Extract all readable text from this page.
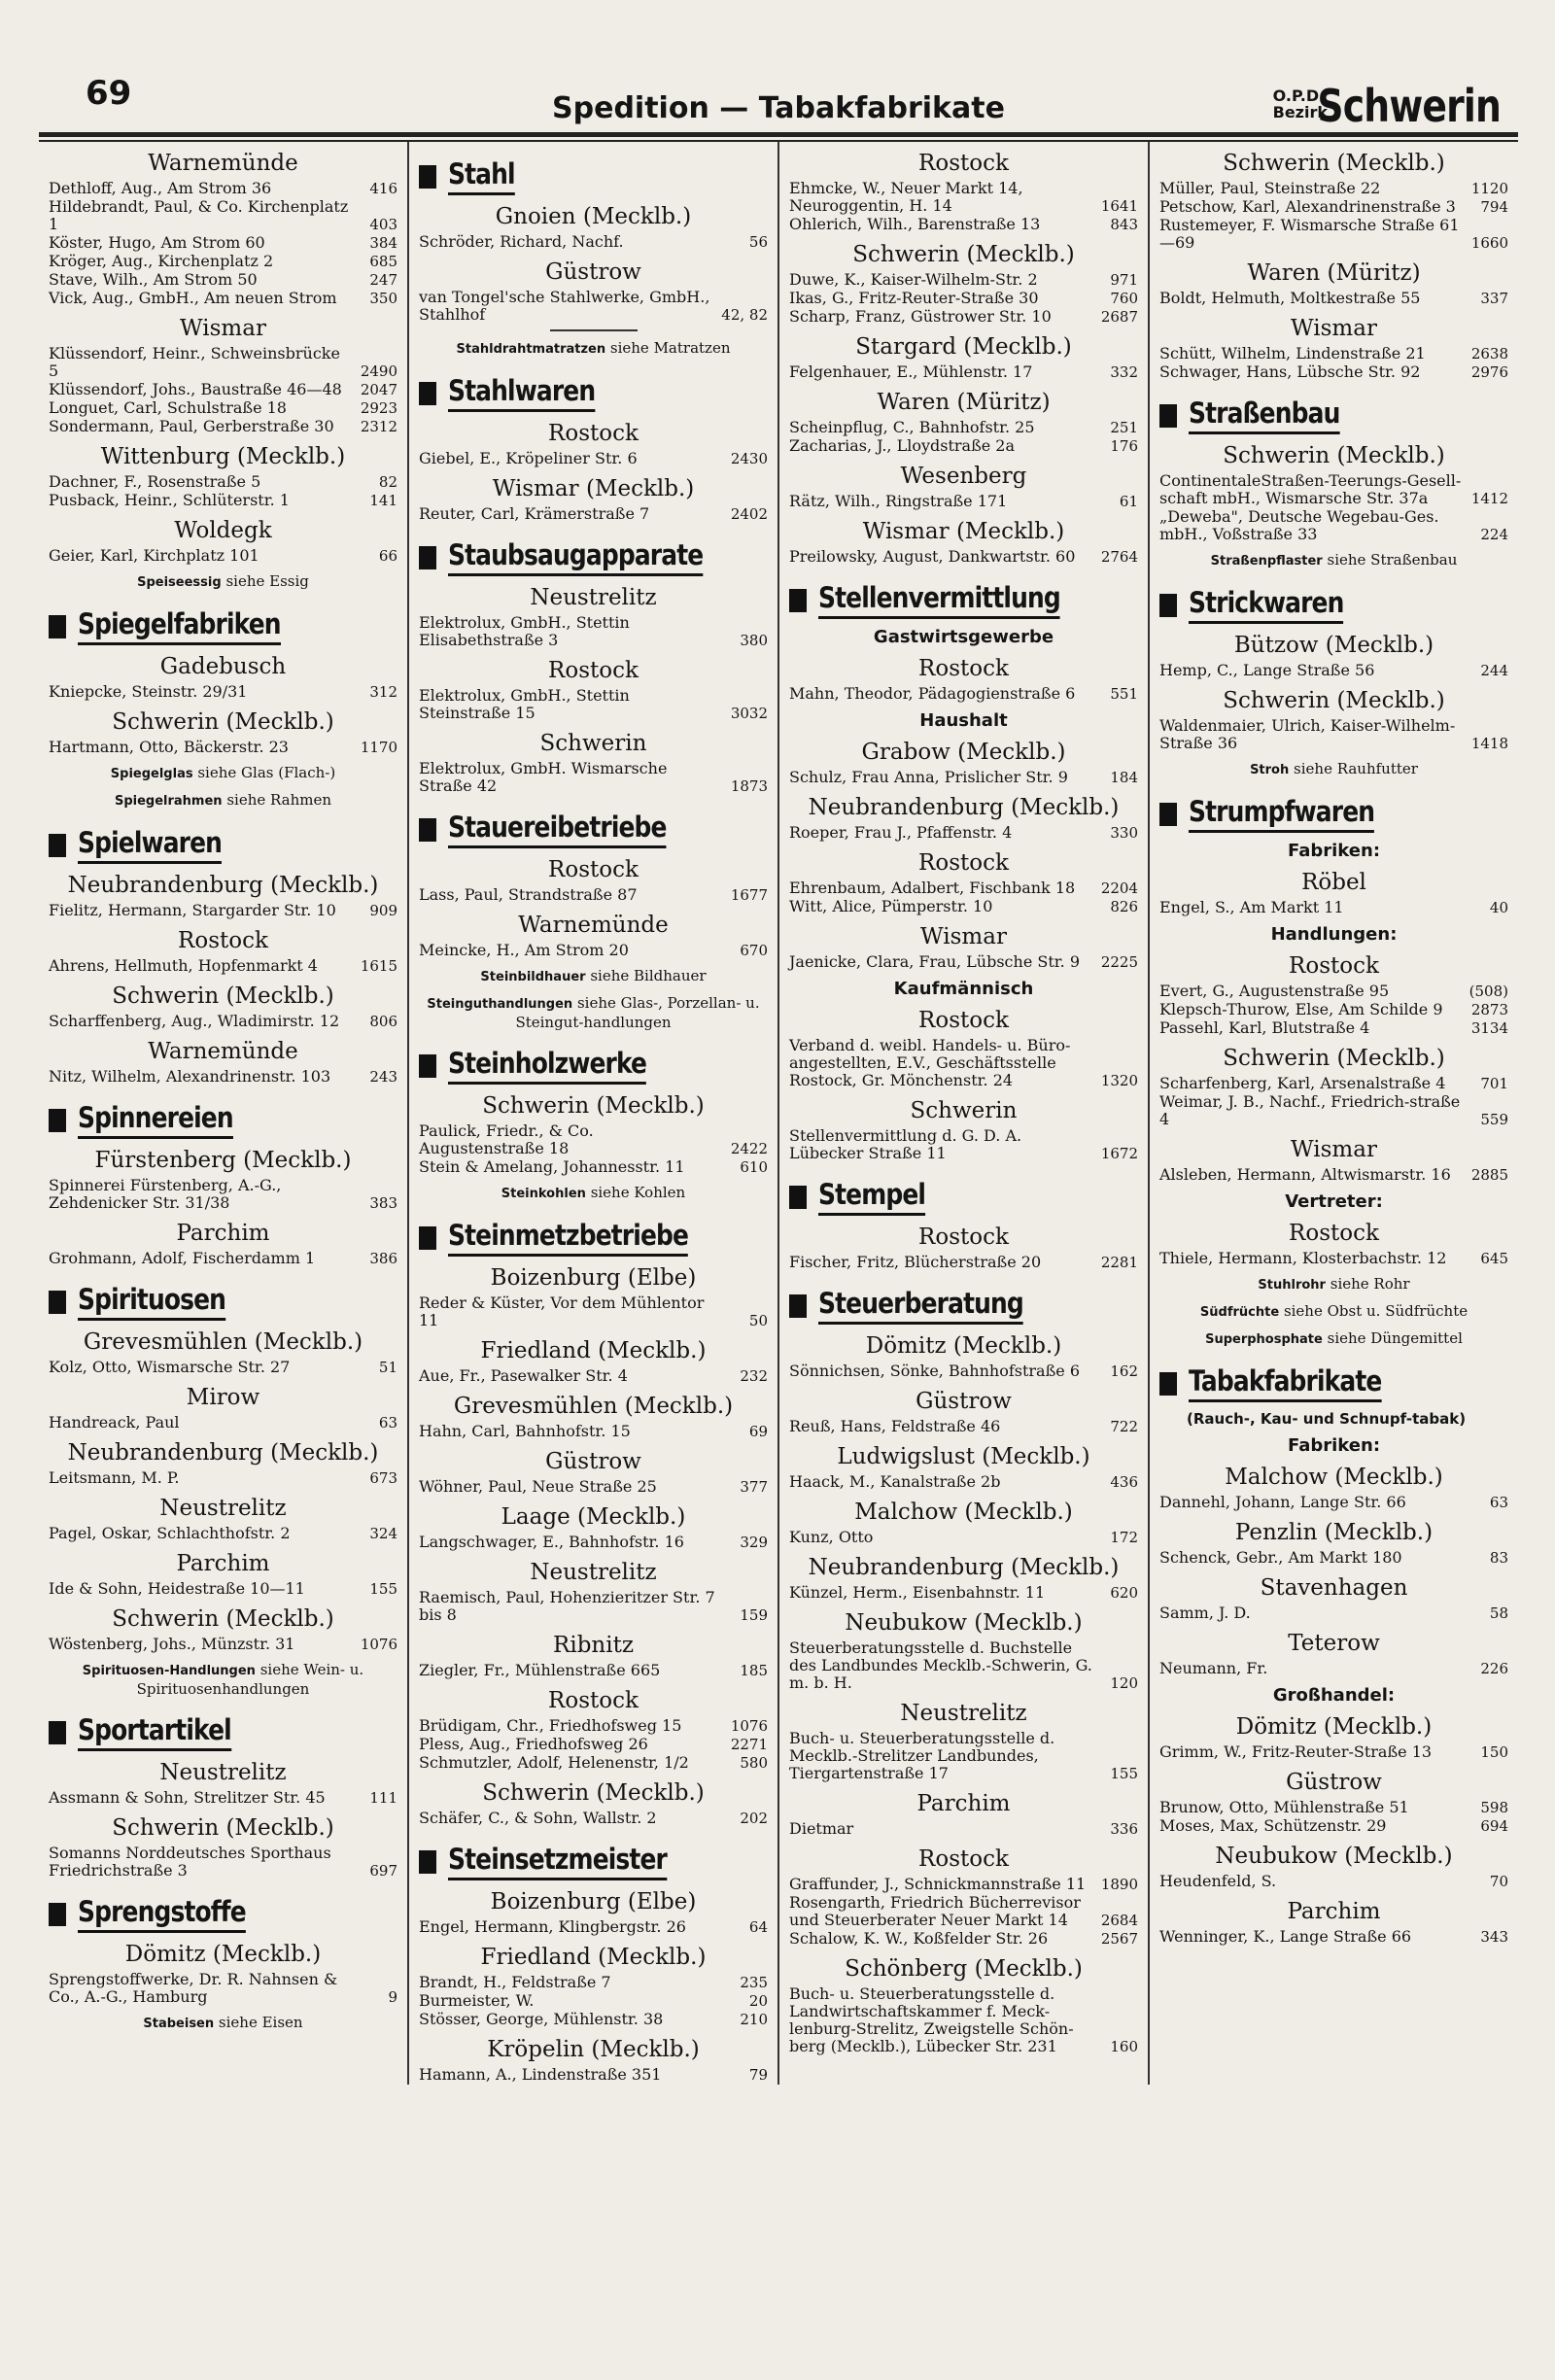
69	Spedition — Tabakfabrikate	O.P.D.
Bezirk
Schwerin
Warnemünde
Dethloff, Aug., Am Strom 36	416
Hildebrandt, Paul, & Co. Kirchenplatz 1	403
Köster, Hugo, Am Strom 60	384
Kröger, Aug., Kirchenplatz 2	685
Stave, Wilh., Am Strom 50	247
Vick, Aug., GmbH., Am neuen Strom	350
Wismar
Klüssendorf, Heinr., Schweinsbrücke 5	2490
Klüssendorf, Johs., Baustraße 46—48	2047
Longuet, Carl, Schulstraße 18	2923
Sondermann, Paul, Gerberstraße 30	2312
Wittenburg (Mecklb.)
Dachner, F., Rosenstraße 5	82
Pusback, Heinr., Schlüterstr. 1	141
Woldegk
Geier, Karl, Kirchplatz 101	66
Speiseessig siehe Essig
Spiegelfabriken
Gadebusch
Kniepcke, Steinstr. 29/31	312
Schwerin (Mecklb.)
Hartmann, Otto, Bäckerstr. 23	1170
Spiegelglas siehe Glas (Flach-)
Spiegelrahmen siehe Rahmen
Spielwaren
Neubrandenburg (Mecklb.)
Fielitz, Hermann, Stargarder Str. 10	909
Rostock
Ahrens, Hellmuth, Hopfenmarkt 4	1615
Schwerin (Mecklb.)
Scharffenberg, Aug., Wladimirstr. 12	806
Warnemünde
Nitz, Wilhelm, Alexandrinenstr. 103	243
Spinnereien
Fürstenberg (Mecklb.)
Spinnerei Fürstenberg, A.-G., Zehdenicker Str. 31/38	383
Parchim
Grohmann, Adolf, Fischerdamm 1	386
Spirituosen
Grevesmühlen (Mecklb.)
Kolz, Otto, Wismarsche Str. 27	51
Mirow
Handreack, Paul	63
Neubrandenburg (Mecklb.)
Leitsmann, M. P.	673
Neustrelitz
Pagel, Oskar, Schlachthofstr. 2	324
Parchim
Ide & Sohn, Heidestraße 10—11	155
Schwerin (Mecklb.)
Wöstenberg, Johs., Münzstr. 31	1076
Spirituosen-Handlungen siehe Wein- u. Spirituosenhandlungen
Sportartikel
Neustrelitz
Assmann & Sohn, Strelitzer Str. 45	111
Schwerin (Mecklb.)
Somanns Norddeutsches Sporthaus Friedrichstraße 3	697
Sprengstoffe
Dömitz (Mecklb.)
Sprengstoffwerke, Dr. R. Nahnsen & Co., A.-G., Hamburg	9
Stabeisen siehe Eisen
Stahl
Gnoien (Mecklb.)
Schröder, Richard, Nachf.	56
Güstrow
van Tongel'sche Stahlwerke, GmbH., Stahlhof	42, 82
Stahldrahtmatratzen siehe Matratzen
Stahlwaren
Rostock
Giebel, E., Kröpeliner Str. 6	2430
Wismar (Mecklb.)
Reuter, Carl, Krämerstraße 7	2402
Staubsaugapparate
Neustrelitz
Elektrolux, GmbH., Stettin Elisabethstraße 3	380
Rostock
Elektrolux, GmbH., Stettin Steinstraße 15	3032
Schwerin
Elektrolux, GmbH. Wismarsche Straße 42	1873
Stauereibetriebe
Rostock
Lass, Paul, Strandstraße 87	1677
Warnemünde
Meincke, H., Am Strom 20	670
Steinbildhauer siehe Bildhauer
Steinguthandlungen siehe Glas-, Porzellan- u. Steingut-handlungen
Steinholzwerke
Schwerin (Mecklb.)
Paulick, Friedr., & Co. Augustenstraße 18	2422
Stein & Amelang, Johannesstr. 11	610
Steinkohlen siehe Kohlen
Steinmetzbetriebe
Boizenburg (Elbe)
Reder & Küster, Vor dem Mühlentor 11	50
Friedland (Mecklb.)
Aue, Fr., Pasewalker Str. 4	232
Grevesmühlen (Mecklb.)
Hahn, Carl, Bahnhofstr. 15	69
Güstrow
Wöhner, Paul, Neue Straße 25	377
Laage (Mecklb.)
Langschwager, E., Bahnhofstr. 16	329
Neustrelitz
Raemisch, Paul, Hohenzieritzer Str. 7 bis 8	159
Ribnitz
Ziegler, Fr., Mühlenstraße 665	185
Rostock
Brüdigam, Chr., Friedhofsweg 15	1076
Pless, Aug., Friedhofsweg 26	2271
Schmutzler, Adolf, Helenenstr, 1/2	580
Schwerin (Mecklb.)
Schäfer, C., & Sohn, Wallstr. 2	202
Steinsetzmeister
Boizenburg (Elbe)
Engel, Hermann, Klingbergstr. 26	64
Friedland (Mecklb.)
Brandt, H., Feldstraße 7	235
Burmeister, W.	20
Stösser, George, Mühlenstr. 38	210
Kröpelin (Mecklb.)
Hamann, A., Lindenstraße 351	79
Rostock
Ehmcke, W., Neuer Markt 14, Neuroggentin, H. 14	1641
Ohlerich, Wilh., Barenstraße 13	843
Schwerin (Mecklb.)
Duwe, K., Kaiser-Wilhelm-Str. 2	971
Ikas, G., Fritz-Reuter-Straße 30	760
Scharp, Franz, Güstrower Str. 10	2687
Stargard (Mecklb.)
Felgenhauer, E., Mühlenstr. 17	332
Waren (Müritz)
Scheinpflug, C., Bahnhofstr. 25	251
Zacharias, J., Lloydstraße 2a	176
Wesenberg
Rätz, Wilh., Ringstraße 171	61
Wismar (Mecklb.)
Preilowsky, August, Dankwartstr. 60	2764
Stellenvermittlung
Gastwirtsgewerbe
Rostock
Mahn, Theodor, Pädagogienstraße 6	551
Haushalt
Grabow (Mecklb.)
Schulz, Frau Anna, Prislicher Str. 9	184
Neubrandenburg (Mecklb.)
Roeper, Frau J., Pfaffenstr. 4	330
Rostock
Ehrenbaum, Adalbert, Fischbank 18	2204
Witt, Alice, Pümperstr. 10	826
Wismar
Jaenicke, Clara, Frau, Lübsche Str. 9	2225
Kaufmännisch
Rostock
Verband d. weibl. Handels- u. Büro-angestellten, E.V., Geschäftsstelle Rostock, Gr. Mönchenstr. 24	1320
Schwerin
Stellenvermittlung d. G. D. A. Lübecker Straße 11	1672
Stempel
Rostock
Fischer, Fritz, Blücherstraße 20	2281
Steuerberatung
Dömitz (Mecklb.)
Sönnichsen, Sönke, Bahnhofstraße 6	162
Güstrow
Reuß, Hans, Feldstraße 46	722
Ludwigslust (Mecklb.)
Haack, M., Kanalstraße 2b	436
Malchow (Mecklb.)
Kunz, Otto	172
Neubrandenburg (Mecklb.)
Künzel, Herm., Eisenbahnstr. 11	620
Neubukow (Mecklb.)
Steuerberatungsstelle d. Buchstelle des Landbundes Mecklb.-Schwerin, G. m. b. H.	120
Neustrelitz
Buch- u. Steuerberatungsstelle d. Mecklb.-Strelitzer Landbundes, Tiergartenstraße 17	155
Parchim
Dietmar	336
Rostock
Graffunder, J., Schnickmannstraße 11	1890
Rosengarth, Friedrich Bücherrevisor und Steuerberater Neuer Markt 14	2684
Schalow, K. W., Koßfelder Str. 26	2567
Schönberg (Mecklb.)
Buch- u. Steuerberatungsstelle d. Landwirtschaftskammer f. Meck-lenburg-Strelitz, Zweigstelle Schön-berg (Mecklb.), Lübecker Str. 231	160
Schwerin (Mecklb.)
Müller, Paul, Steinstraße 22	1120
Petschow, Karl, Alexandrinenstraße 3	794
Rustemeyer, F. Wismarsche Straße 61—69	1660
Waren (Müritz)
Boldt, Helmuth, Moltkestraße 55	337
Wismar
Schütt, Wilhelm, Lindenstraße 21	2638
Schwager, Hans, Lübsche Str. 92	2976
Straßenbau
Schwerin (Mecklb.)
ContinentaleStraßen-Teerungs-Gesell-schaft mbH., Wismarsche Str. 37a	1412
„Deweba", Deutsche Wegebau-Ges. mbH., Voßstraße 33	224
Straßenpflaster siehe Straßenbau
Strickwaren
Bützow (Mecklb.)
Hemp, C., Lange Straße 56	244
Schwerin (Mecklb.)
Waldenmaier, Ulrich, Kaiser-Wilhelm-Straße 36	1418
Stroh siehe Rauhfutter
Strumpfwaren
Fabriken:
Röbel
Engel, S., Am Markt 11	40
Handlungen:
Rostock
Evert, G., Augustenstraße 95	(508)
Klepsch-Thurow, Else, Am Schilde 9	2873
Passehl, Karl, Blutstraße 4	3134
Schwerin (Mecklb.)
Scharfenberg, Karl, Arsenalstraße 4	701
Weimar, J. B., Nachf., Friedrich-straße 4	559
Wismar
Alsleben, Hermann, Altwismarstr. 16	2885
Vertreter:
Rostock
Thiele, Hermann, Klosterbachstr. 12	645
Stuhlrohr siehe Rohr
Südfrüchte siehe Obst u. Südfrüchte
Superphosphate siehe Düngemittel
Tabakfabrikate
(Rauch-, Kau- und Schnupf-tabak)
Fabriken:
Malchow (Mecklb.)
Dannehl, Johann, Lange Str. 66	63
Penzlin (Mecklb.)
Schenck, Gebr., Am Markt 180	83
Stavenhagen
Samm, J. D.	58
Teterow
Neumann, Fr.	226
Großhandel:
Dömitz (Mecklb.)
Grimm, W., Fritz-Reuter-Straße 13	150
Güstrow
Brunow, Otto, Mühlenstraße 51	598
Moses, Max, Schützenstr. 29	694
Neubukow (Mecklb.)
Heudenfeld, S.	70
Parchim
Wenninger, K., Lange Straße 66	343
